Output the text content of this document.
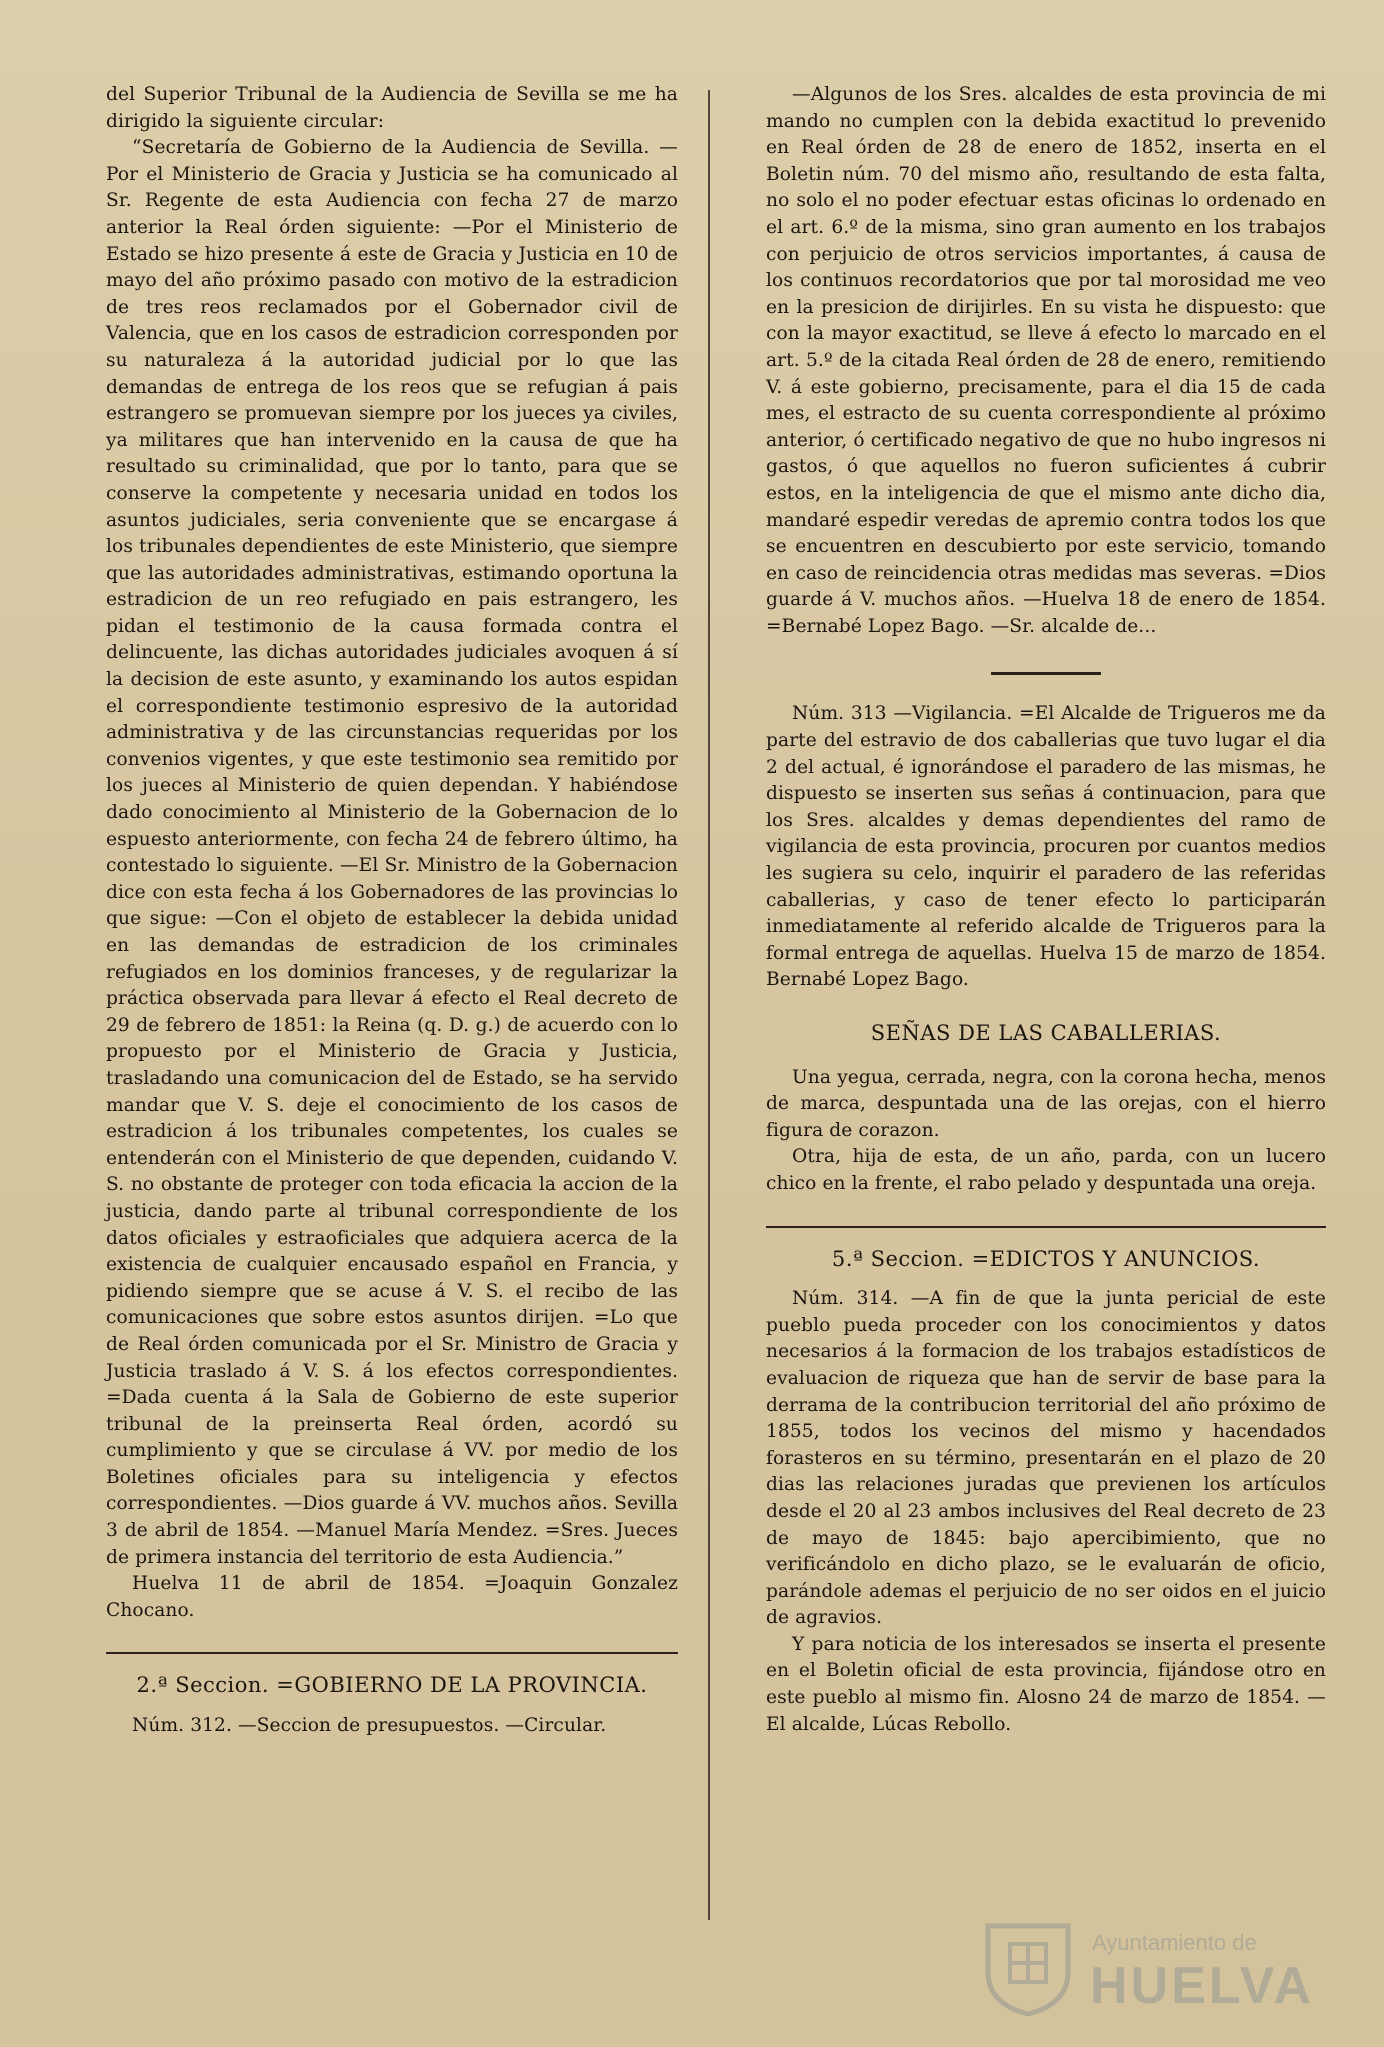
del Superior Tribunal de la Audiencia de Sevilla se me ha dirigido la siguiente circular:

“Secretaría de Gobierno de la Audiencia de Sevilla. —Por el Ministerio de Gracia y Justicia se ha comunicado al Sr. Regente de esta Audiencia con fecha 27 de marzo anterior la Real órden siguiente: —Por el Ministerio de Estado se hizo presente á este de Gracia y Justicia en 10 de mayo del año próximo pasado con motivo de la estradicion de tres reos reclamados por el Gobernador civil de Valencia, que en los casos de estradicion corresponden por su naturaleza á la autoridad judicial por lo que las demandas de entrega de los reos que se refugian á pais estrangero se promuevan siempre por los jueces ya civiles, ya militares que han intervenido en la causa de que ha resultado su criminalidad, que por lo tanto, para que se conserve la competente y necesaria unidad en todos los asuntos judiciales, seria conveniente que se encargase á los tribunales dependientes de este Ministerio, que siempre que las autoridades administrativas, estimando oportuna la estradicion de un reo refugiado en pais estrangero, les pidan el testimonio de la causa formada contra el delincuente, las dichas autoridades judiciales avoquen á sí la decision de este asunto, y examinando los autos espidan el correspondiente testimonio espresivo de la autoridad administrativa y de las circunstancias requeridas por los convenios vigentes, y que este testimonio sea remitido por los jueces al Ministerio de quien dependan. Y habiéndose dado conocimiento al Ministerio de la Gobernacion de lo espuesto anteriormente, con fecha 24 de febrero último, ha contestado lo siguiente. —El Sr. Ministro de la Gobernacion dice con esta fecha á los Gobernadores de las provincias lo que sigue: —Con el objeto de establecer la debida unidad en las demandas de estradicion de los criminales refugiados en los dominios franceses, y de regularizar la práctica observada para llevar á efecto el Real decreto de 29 de febrero de 1851: la Reina (q. D. g.) de acuerdo con lo propuesto por el Ministerio de Gracia y Justicia, trasladando una comunicacion del de Estado, se ha servido mandar que V. S. deje el conocimiento de los casos de estradicion á los tribunales competentes, los cuales se entenderán con el Ministerio de que dependen, cuidando V. S. no obstante de proteger con toda eficacia la accion de la justicia, dando parte al tribunal correspondiente de los datos oficiales y estraoficiales que adquiera acerca de la existencia de cualquier encausado español en Francia, y pidiendo siempre que se acuse á V. S. el recibo de las comunicaciones que sobre estos asuntos dirijen. =Lo que de Real órden comunicada por el Sr. Ministro de Gracia y Justicia traslado á V. S. á los efectos correspondientes. =Dada cuenta á la Sala de Gobierno de este superior tribunal de la preinserta Real órden, acordó su cumplimiento y que se circulase á VV. por medio de los Boletines oficiales para su inteligencia y efectos correspondientes. —Dios guarde á VV. muchos años. Sevilla 3 de abril de 1854. —Manuel María Mendez. =Sres. Jueces de primera instancia del territorio de esta Audiencia.”

Huelva 11 de abril de 1854. =Joaquin Gonzalez Chocano.

2.ª Seccion. =GOBIERNO DE LA PROVINCIA.

Núm. 312. —Seccion de presupuestos. —Circular.

—Algunos de los Sres. alcaldes de esta provincia de mi mando no cumplen con la debida exactitud lo prevenido en Real órden de 28 de enero de 1852, inserta en el Boletin núm. 70 del mismo año, resultando de esta falta, no solo el no poder efectuar estas oficinas lo ordenado en el art. 6.º de la misma, sino gran aumento en los trabajos con perjuicio de otros servicios importantes, á causa de los continuos recordatorios que por tal morosidad me veo en la presicion de dirijirles. En su vista he dispuesto: que con la mayor exactitud, se lleve á efecto lo marcado en el art. 5.º de la citada Real órden de 28 de enero, remitiendo V. á este gobierno, precisamente, para el dia 15 de cada mes, el estracto de su cuenta correspondiente al próximo anterior, ó certificado negativo de que no hubo ingresos ni gastos, ó que aquellos no fueron suficientes á cubrir estos, en la inteligencia de que el mismo ante dicho dia, mandaré espedir veredas de apremio contra todos los que se encuentren en descubierto por este servicio, tomando en caso de reincidencia otras medidas mas severas. =Dios guarde á V. muchos años. —Huelva 18 de enero de 1854. =Bernabé Lopez Bago. —Sr. alcalde de...

Núm. 313 —Vigilancia. =El Alcalde de Trigueros me da parte del estravio de dos caballerias que tuvo lugar el dia 2 del actual, é ignorándose el paradero de las mismas, he dispuesto se inserten sus señas á continuacion, para que los Sres. alcaldes y demas dependientes del ramo de vigilancia de esta provincia, procuren por cuantos medios les sugiera su celo, inquirir el paradero de las referidas caballerias, y caso de tener efecto lo participarán inmediatamente al referido alcalde de Trigueros para la formal entrega de aquellas. Huelva 15 de marzo de 1854. Bernabé Lopez Bago.

SEÑAS DE LAS CABALLERIAS.

Una yegua, cerrada, negra, con la corona hecha, menos de marca, despuntada una de las orejas, con el hierro figura de corazon.

Otra, hija de esta, de un año, parda, con un lucero chico en la frente, el rabo pelado y despuntada una oreja.

5.ª Seccion. =EDICTOS Y ANUNCIOS.

Núm. 314. —A fin de que la junta pericial de este pueblo pueda proceder con los conocimientos y datos necesarios á la formacion de los trabajos estadísticos de evaluacion de riqueza que han de servir de base para la derrama de la contribucion territorial del año próximo de 1855, todos los vecinos del mismo y hacendados forasteros en su término, presentarán en el plazo de 20 dias las relaciones juradas que previenen los artículos desde el 20 al 23 ambos inclusives del Real decreto de 23 de mayo de 1845: bajo apercibimiento, que no verificándolo en dicho plazo, se le evaluarán de oficio, parándole ademas el perjuicio de no ser oidos en el juicio de agravios.

Y para noticia de los interesados se inserta el presente en el Boletin oficial de esta provincia, fijándose otro en este pueblo al mismo fin. Alosno 24 de marzo de 1854. —El alcalde, Lúcas Rebollo.

Ayuntamiento de
HUELVA
